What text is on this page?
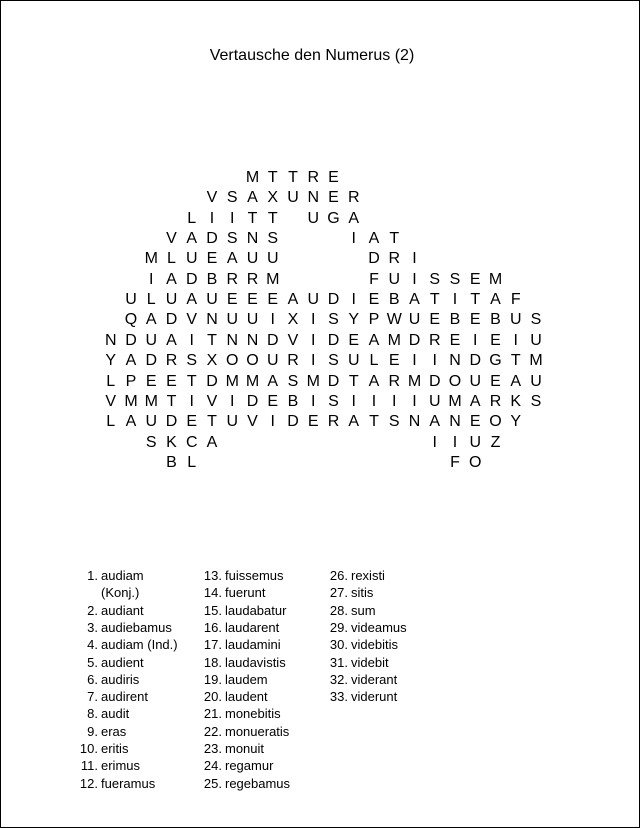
Vertausche den Numerus (2)
M T T R E
V S A X U N E R
L I I T T	U G A
V A D S N S	I A T
M L U E A U U	D R I
I A D B R R M	F U I S S E M
U L U A U E E E A U D I E B A T I T A F
Q A D V N U U I X I S Y P W U E B E B U S
N D U A I T N N D V I D E A M D R E I E I U
Y A D R S X O O U R I S U L E I I N D G T M
L P E E T D M M A S M D T A R M D O U E A U
V M M T I V I D E B I S I I I I U M A R K S
L A U D E T U V I D E R A T S N A N E O Y
S K C A	I I U Z
B L	F O
1. audiam
(Konj.)
2. audiant
3. audiebamus
4. audiam (Ind.)
5. audient
6. audiris
7. audirent
8. audit
9. eras
10. eritis
11. erimus
12. fueramus
13. fuissemus
14. fuerunt
15. laudabatur
16. laudarent
17. laudamini
18. laudavistis
19. laudem
20. laudent
21. monebitis
22. monueratis
23. monuit
24. regamur
25. regebamus
26. rexisti
27. sitis
28. sum
29. videamus
30. videbitis
31. videbit
32. viderant
33. viderunt
